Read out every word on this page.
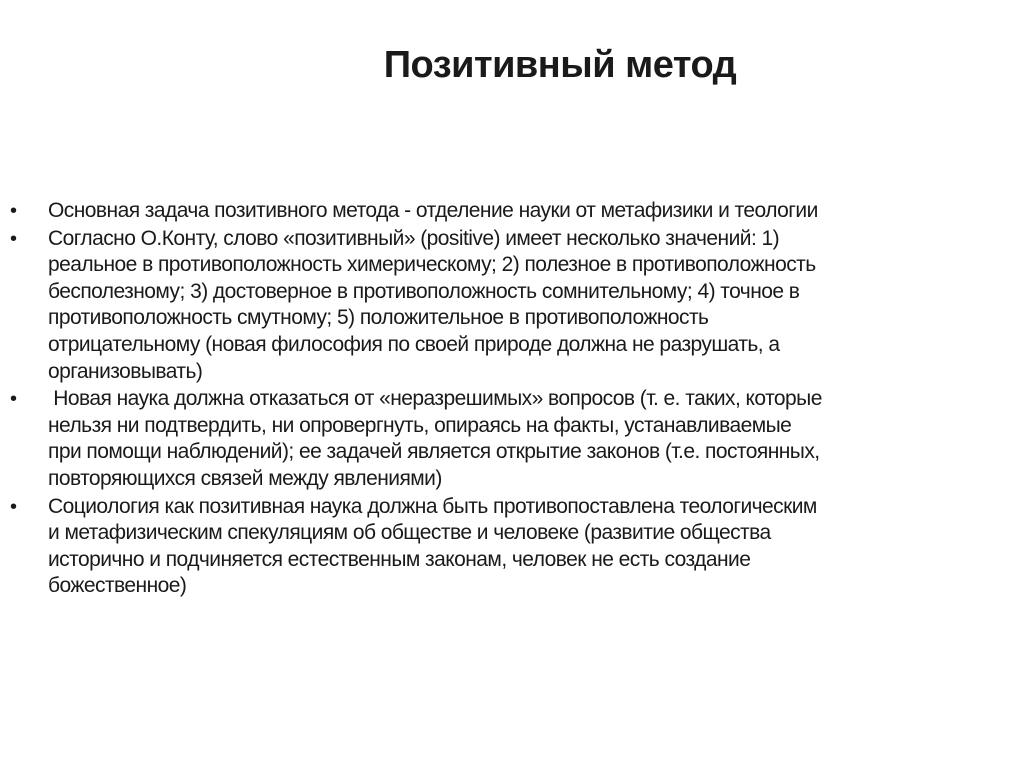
Позитивный метод
• Основная задача позитивного метода - отделение науки от метафизики и теологии
• Согласно О.Конту, слово «позитивный» (positive) имеет несколько значений: 1)
реальное в противоположность химерическому; 2) полезное в противоположность
бесполезному; 3) достоверное в противоположность сомнительному; 4) точное в
противоположность смутному; 5) положительное в противоположность
отрицательному (новая философия по своей природе должна не разрушать, а
организовывать)
• Новая наука должна отказаться от «неразрешимых» вопросов (т. е. таких, которые
нельзя ни подтвердить, ни опровергнуть, опираясь на факты, устанавливаемые
при помощи наблюдений); ее задачей является открытие законов (т.е. постоянных,
повторяющихся связей между явлениями)
• Социология как позитивная наука должна быть противопоставлена теологическим
и метафизическим спекуляциям об обществе и человеке (развитие общества
исторично и подчиняется естественным законам, человек не есть создание
божественное)
